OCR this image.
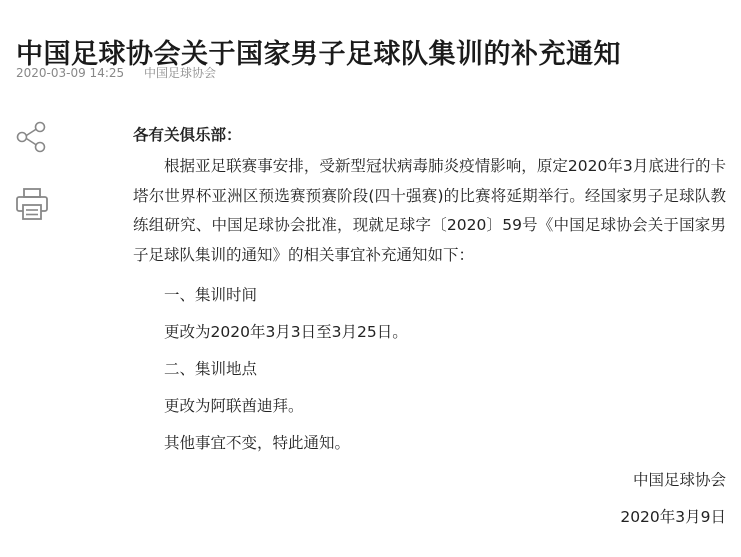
中国足球协会关于国家男子足球队集训的补充通知
2020-03-09 14:25 中国足球协会

各有关俱乐部：

根据亚足联赛事安排，受新型冠状病毒肺炎疫情影响，原定2020年3月底进行的卡塔尔世界杯亚洲区预选赛预赛阶段(四十强赛)的比赛将延期举行。经国家男子足球队教练组研究、中国足球协会批准，现就足球字〔2020〕59号《中国足球协会关于国家男子足球队集训的通知》的相关事宜补充通知如下：

一、集训时间

更改为2020年3月3日至3月25日。

二、集训地点

更改为阿联酋迪拜。

其他事宜不变，特此通知。

中国足球协会

2020年3月9日
